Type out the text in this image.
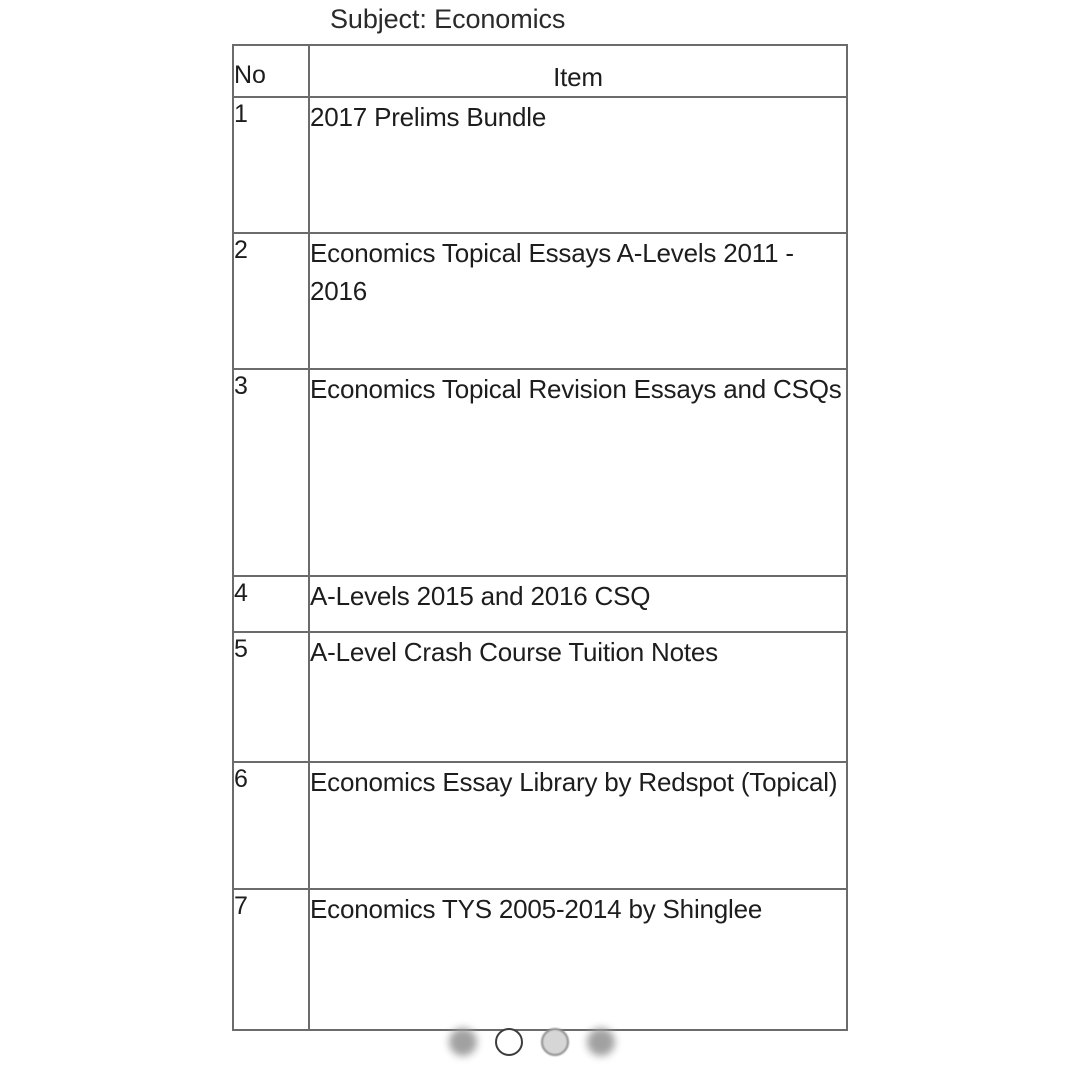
Subject: Economics
No	Item
1	2017 Prelims Bundle
2	Economics Topical Essays A-Levels 2011 - 2016
3	Economics Topical Revision Essays and CSQs
4	A-Levels 2015 and 2016 CSQ
5	A-Level Crash Course Tuition Notes
6	Economics Essay Library by Redspot (Topical)
7	Economics TYS 2005-2014 by Shinglee
